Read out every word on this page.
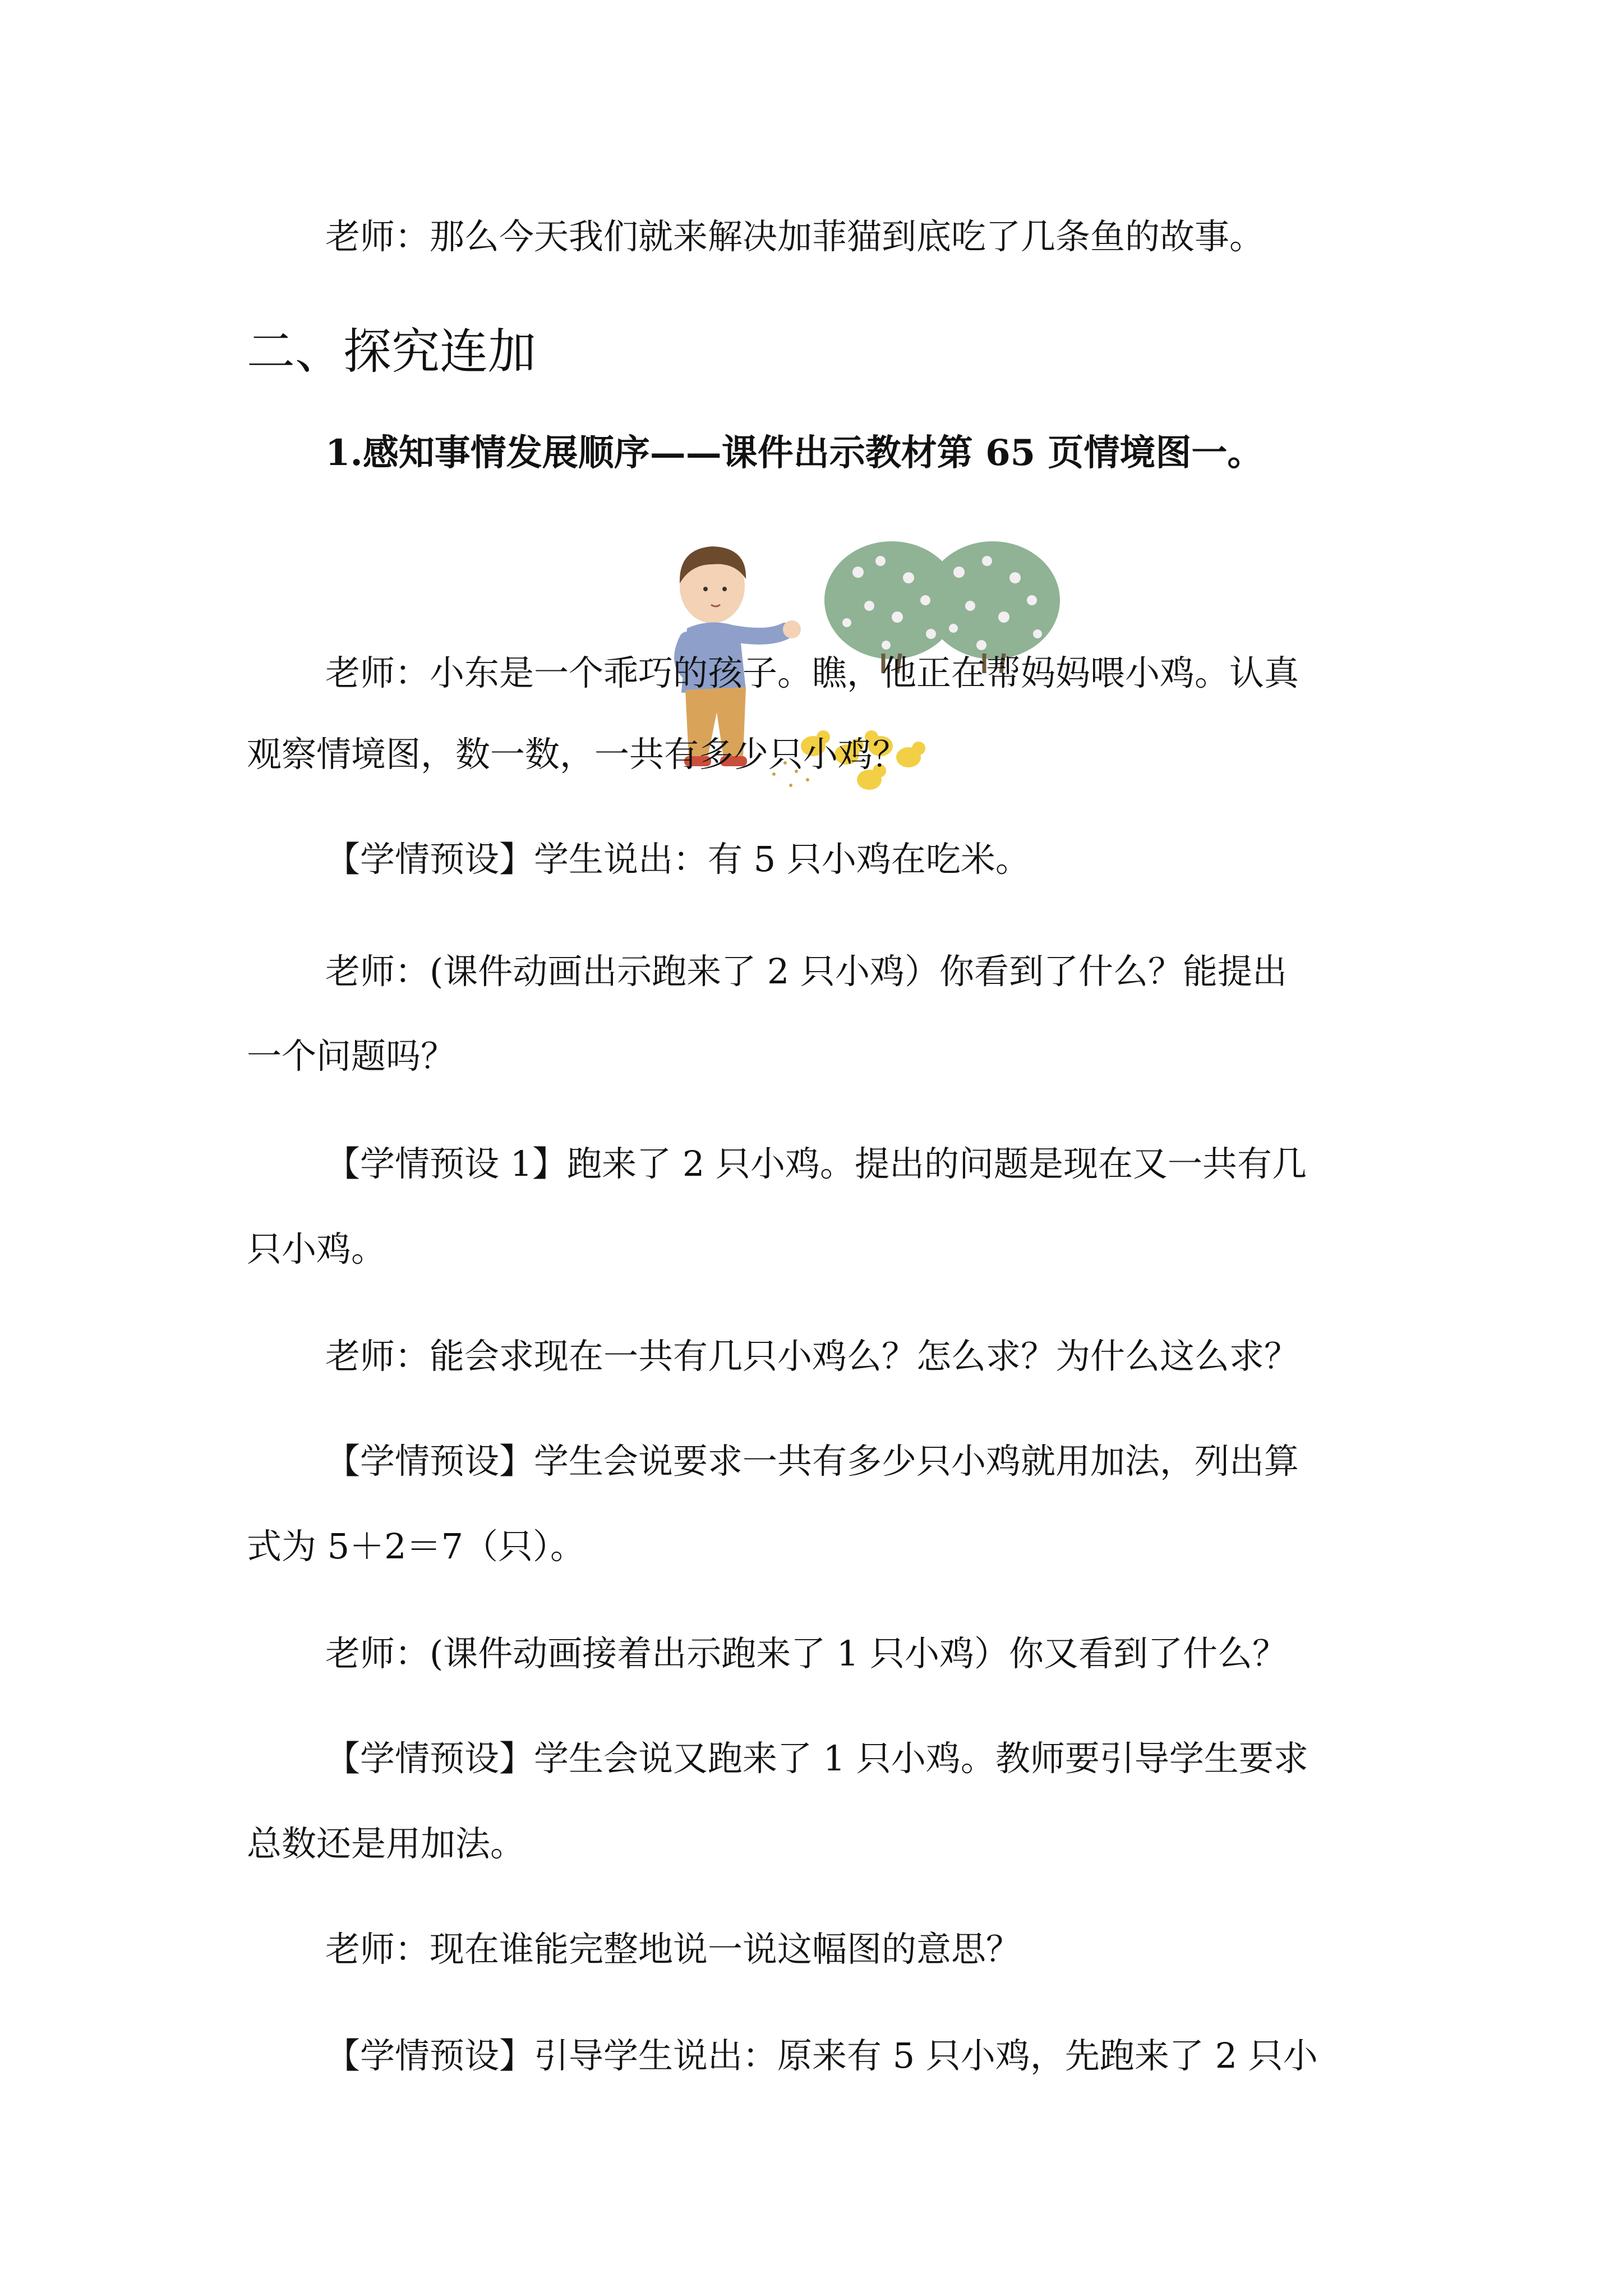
老师：那么今天我们就来解决加菲猫到底吃了几条鱼的故事。
二、探究连加
1.感知事情发展顺序——课件出示教材第 65 页情境图一。
老师：小东是一个乖巧的孩子。瞧，他正在帮妈妈喂小鸡。认真
观察情境图，数一数，一共有多少只小鸡？
【学情预设】学生说出：有 5 只小鸡在吃米。
老师：(课件动画出示跑来了 2 只小鸡）你看到了什么？能提出
一个问题吗？
【学情预设 1】跑来了 2 只小鸡。提出的问题是现在又一共有几
只小鸡。
老师：能会求现在一共有几只小鸡么？怎么求？为什么这么求？
【学情预设】学生会说要求一共有多少只小鸡就用加法，列出算
式为 5＋2＝7（只）。
老师：(课件动画接着出示跑来了 1 只小鸡）你又看到了什么？
【学情预设】学生会说又跑来了 1 只小鸡。教师要引导学生要求
总数还是用加法。
老师：现在谁能完整地说一说这幅图的意思？
【学情预设】引导学生说出：原来有 5 只小鸡，先跑来了 2 只小
